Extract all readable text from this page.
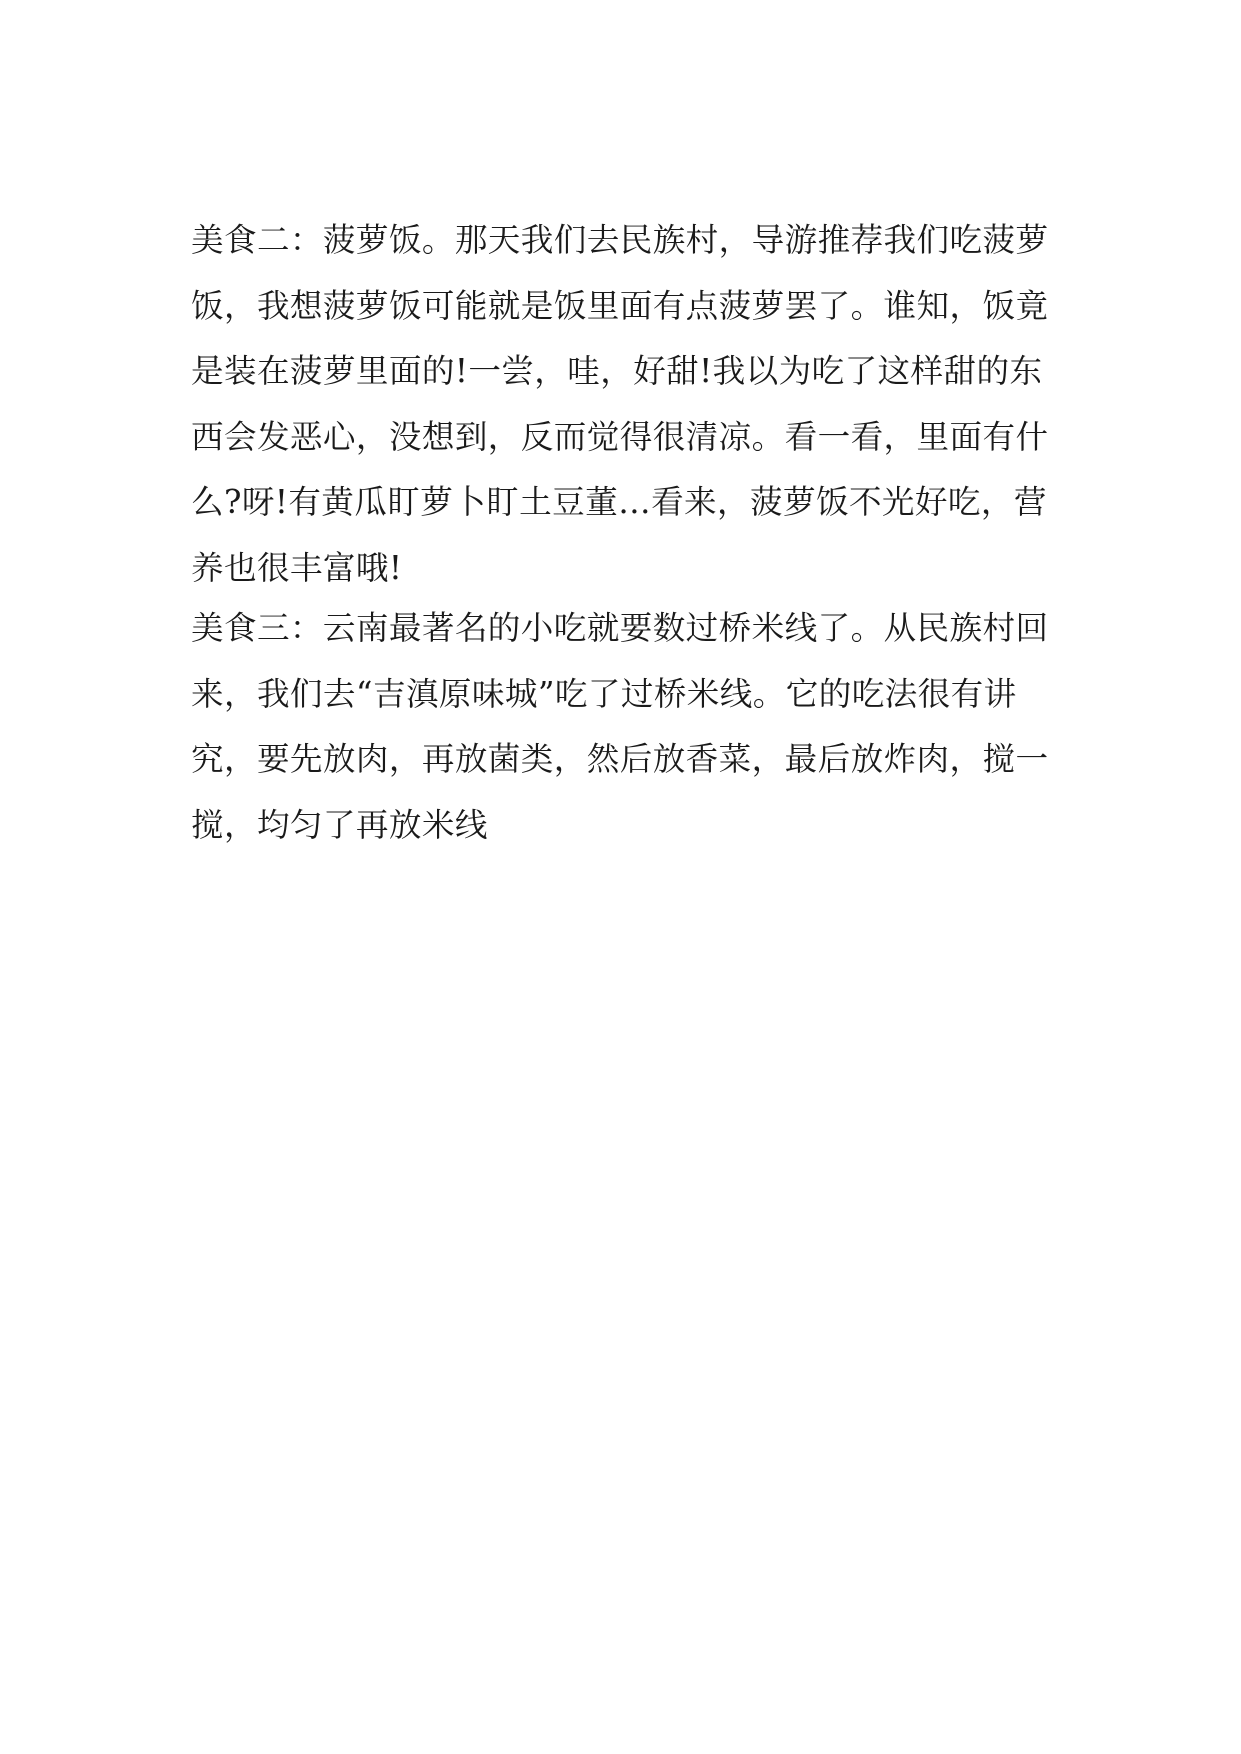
美食二：菠萝饭。那天我们去民族村，导游推荐我们吃菠萝
饭，我想菠萝饭可能就是饭里面有点菠萝罢了。谁知，饭竟
是装在菠萝里面的!一尝，哇，好甜!我以为吃了这样甜的东
西会发恶心，没想到，反而觉得很清凉。看一看，里面有什
么?呀!有黄瓜盯萝卜盯土豆董…看来，菠萝饭不光好吃，营
养也很丰富哦!
美食三：云南最著名的小吃就要数过桥米线了。从民族村回
来，我们去“吉滇原味城”吃了过桥米线。它的吃法很有讲
究，要先放肉，再放菌类，然后放香菜，最后放炸肉，搅一
搅，均匀了再放米线
